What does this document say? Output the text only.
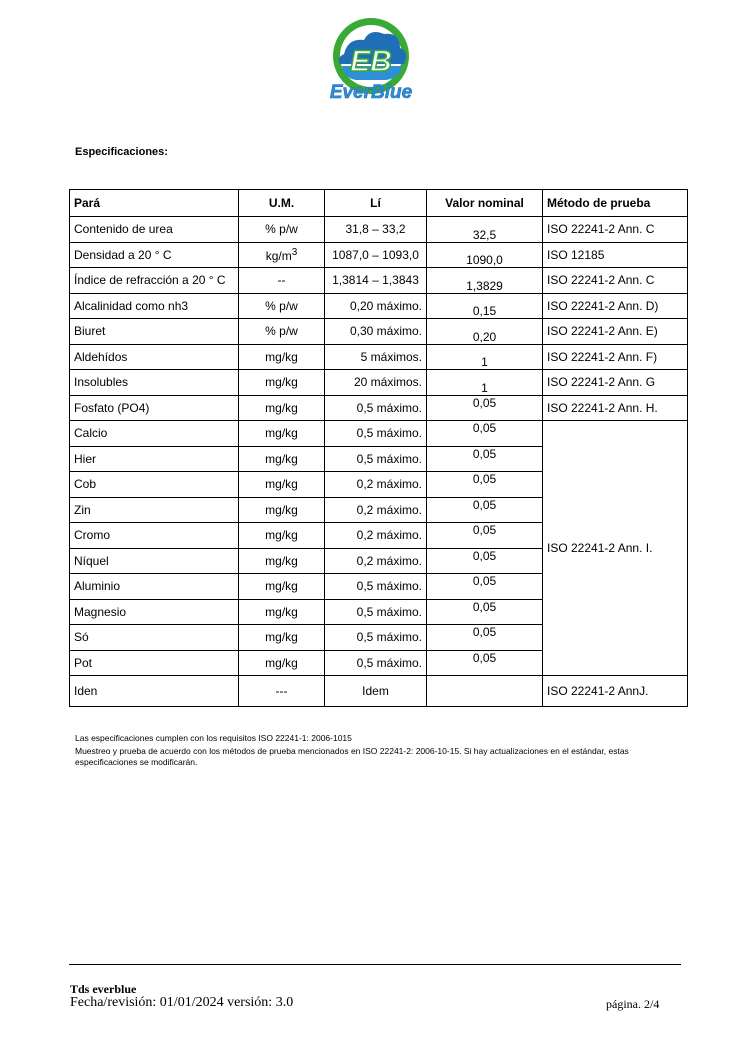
EB
EverBlue
Especificaciones:
Pará	U.M.	Lí	Valor nominal	Método de prueba
Contenido de urea	% p/w	31,8 – 33,2	32,5	ISO 22241-2 Ann. C
Densidad a 20 ° C	$kg/m^3$	1087,0 – 1093,0	1090,0	ISO 12185
Índice de refracción a 20 ° C	--	1,3814 – 1,3843	1,3829	ISO 22241-2 Ann. C
Alcalinidad como nh3	% p/w	0,20 máximo.	0,15	ISO 22241-2 Ann. D)
Biuret	% p/w	0,30 máximo.	0,20	ISO 22241-2 Ann. E)
Aldehídos	mg/kg	5 máximos.	1	ISO 22241-2 Ann. F)
Insolubles	mg/kg	20 máximos.	1	ISO 22241-2 Ann. G
Fosfato (PO4)	mg/kg	0,5 máximo.	0,05	ISO 22241-2 Ann. H.
Calcio	mg/kg	0,5 máximo.	0,05	ISO 22241-2 Ann. I.
Hier	mg/kg	0,5 máximo.	0,05	
Cob	mg/kg	0,2 máximo.	0,05	
Zin	mg/kg	0,2 máximo.	0,05	
Cromo	mg/kg	0,2 máximo.	0,05	
Níquel	mg/kg	0,2 máximo.	0,05	
Aluminio	mg/kg	0,5 máximo.	0,05	
Magnesio	mg/kg	0,5 máximo.	0,05	
Só	mg/kg	0,5 máximo.	0,05	
Pot	mg/kg	0,5 máximo.	0,05	
Iden	---	Idem		ISO 22241-2 AnnJ.
Las especificaciones cumplen con los requisitos ISO 22241-1: 2006-1015
Muestreo y prueba de acuerdo con los métodos de prueba mencionados en ISO 22241-2: 2006-10-15. Si hay actualizaciones en el estándar, estas especificaciones se modificarán.
Tds everblue
Fecha/revisión: 01/01/2024 versión: 3.0	página. 2/4
